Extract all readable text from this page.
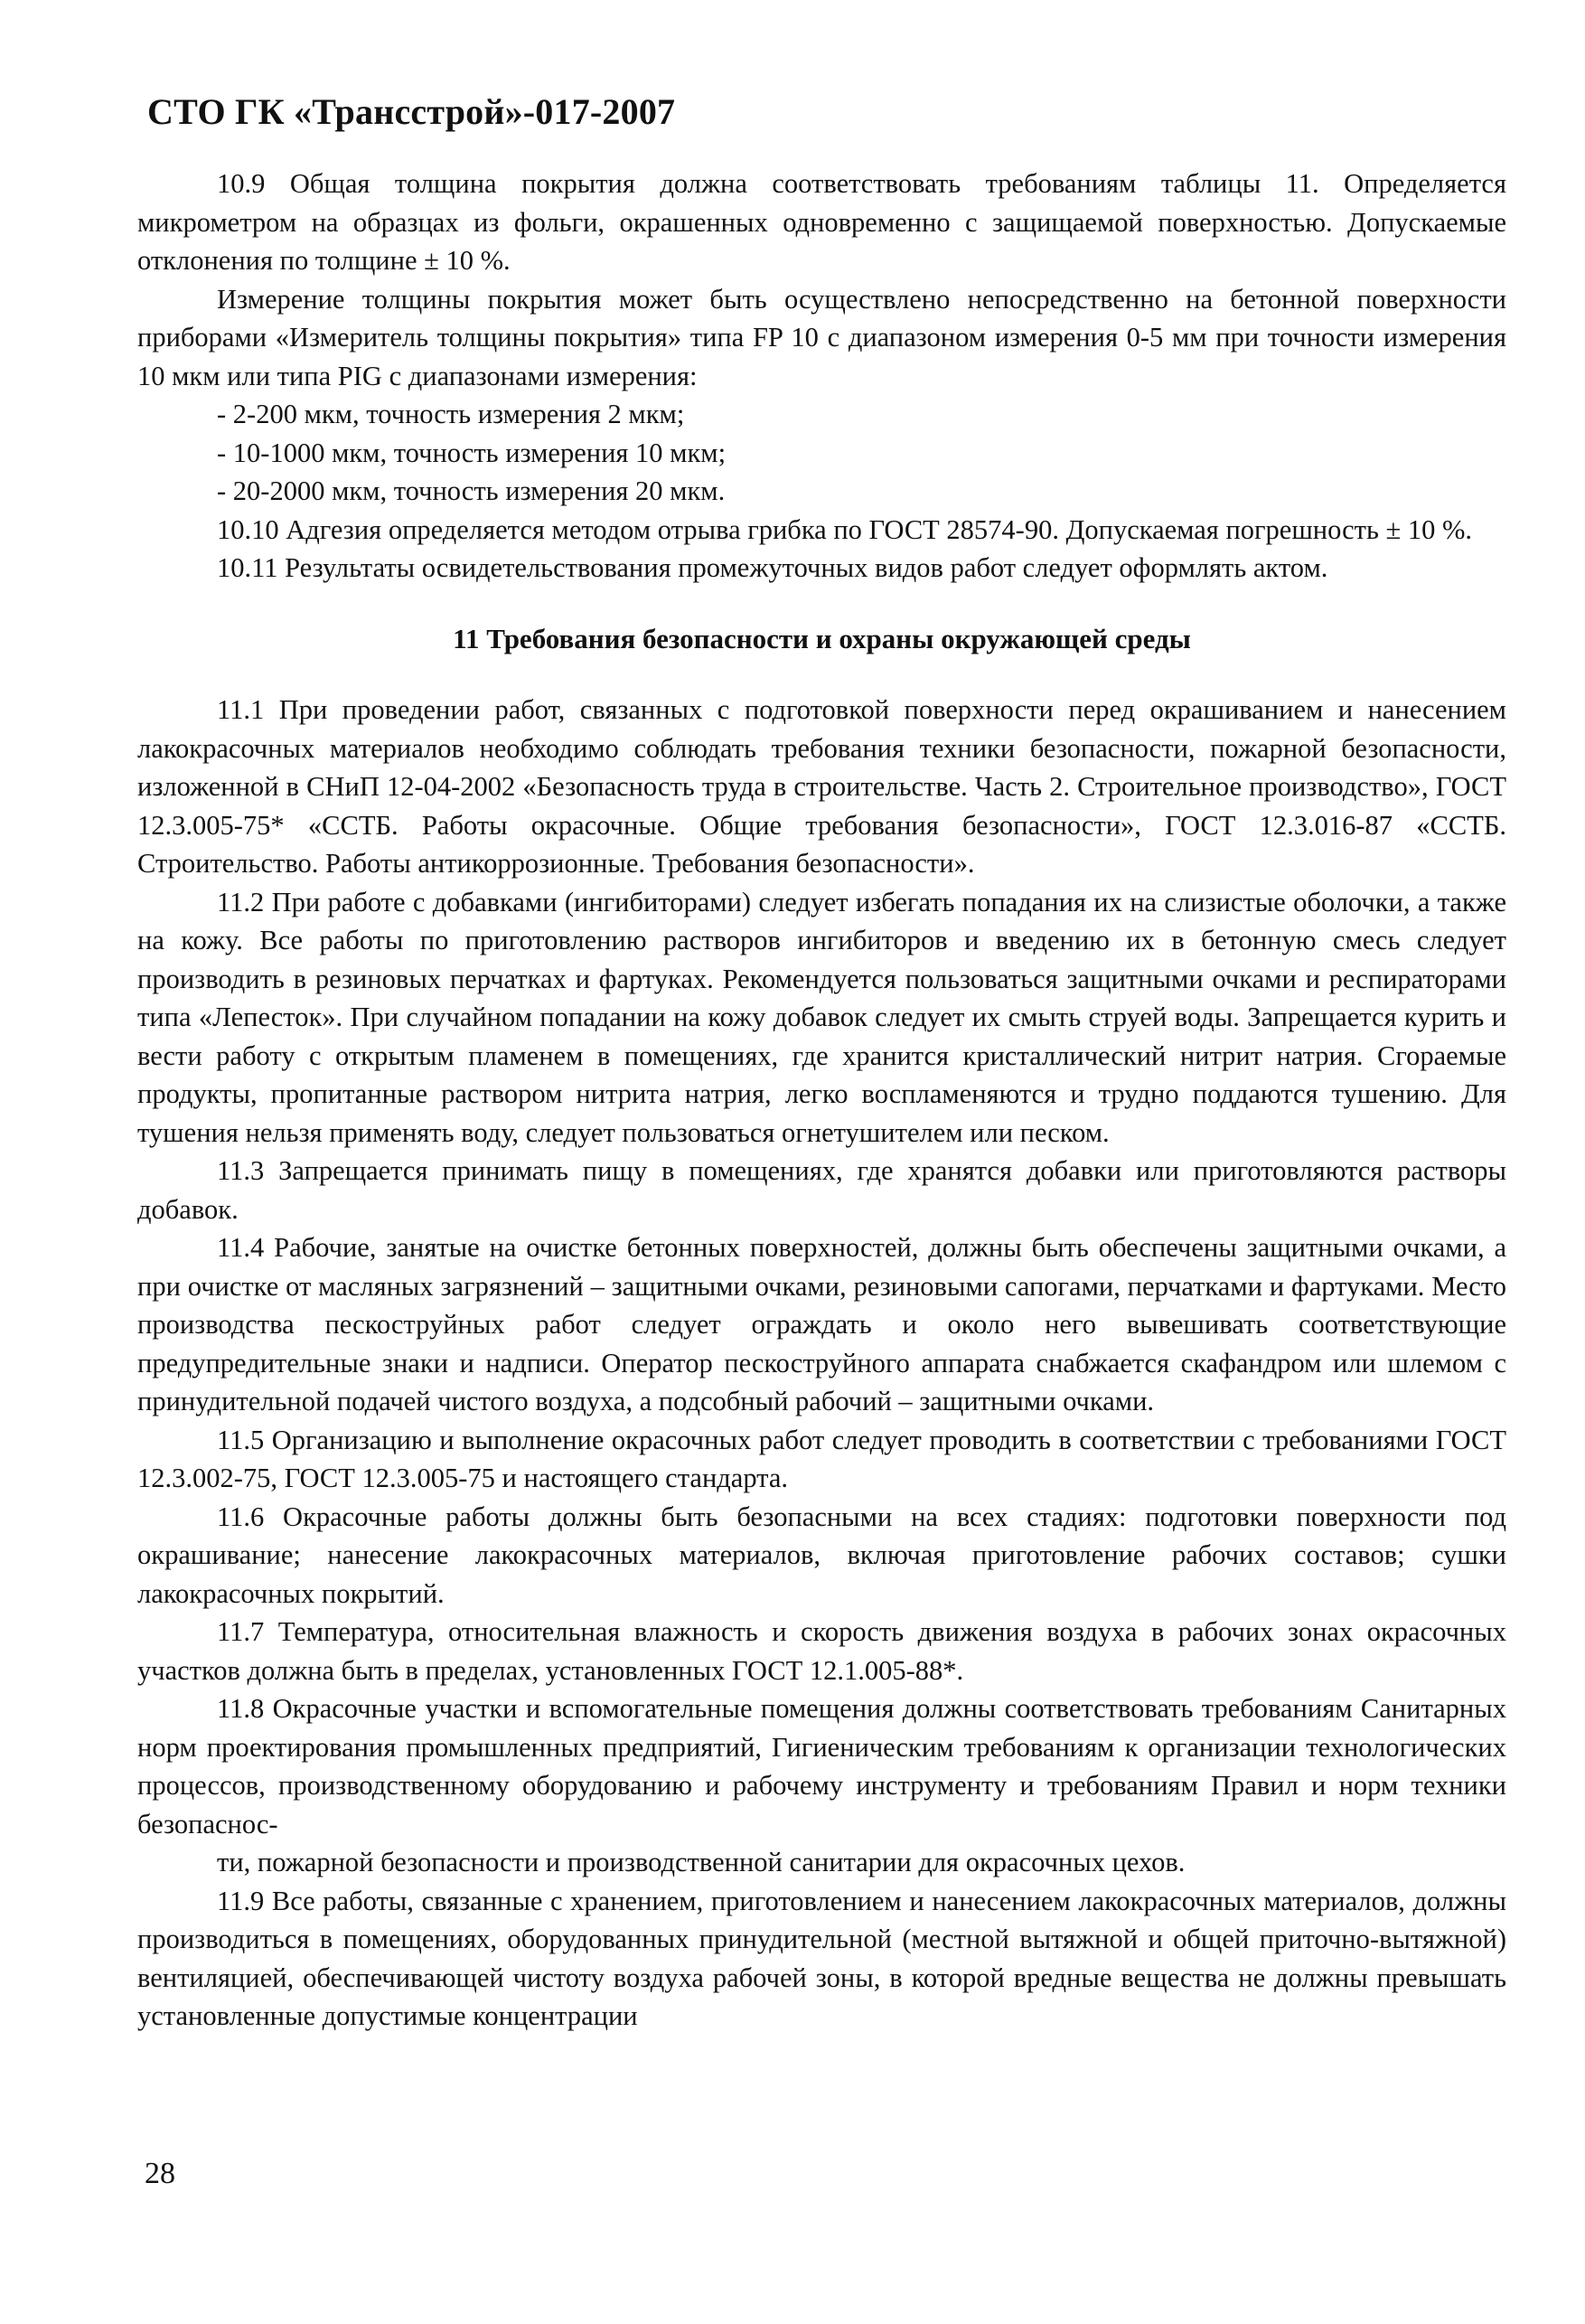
СТО ГК «Трансстрой»-017-2007

10.9 Общая толщина покрытия должна соответствовать требованиям таблицы 11. Определяется микрометром на образцах из фольги, окрашенных одновременно с защищаемой поверхностью. Допускаемые отклонения по толщине ± 10 %.

Измерение толщины покрытия может быть осуществлено непосредственно на бетонной поверхности приборами «Измеритель толщины покрытия» типа FP 10 с диапазоном измерения 0-5 мм при точности измерения 10 мкм или типа PIG с диапазонами измерения:

- 2-200 мкм, точность измерения 2 мкм;

- 10-1000 мкм, точность измерения 10 мкм;

- 20-2000 мкм, точность измерения 20 мкм.

10.10 Адгезия определяется методом отрыва грибка по ГОСТ 28574-90. Допускаемая погрешность ± 10 %.

10.11 Результаты освидетельствования промежуточных видов работ следует оформлять актом.

11 Требования безопасности и охраны окружающей среды

11.1 При проведении работ, связанных с подготовкой поверхности перед окрашиванием и нанесением лакокрасочных материалов необходимо соблюдать требования техники безопасности, пожарной безопасности, изложенной в СНиП 12-04-2002 «Безопасность труда в строительстве. Часть 2. Строительное производство», ГОСТ 12.3.005-75* «ССТБ. Работы окрасочные. Общие требования безопасности», ГОСТ 12.3.016-87 «ССТБ. Строительство. Работы антикоррозионные. Требования безопасности».

11.2 При работе с добавками (ингибиторами) следует избегать попадания их на слизистые оболочки, а также на кожу. Все работы по приготовлению растворов ингибиторов и введению их в бетонную смесь следует производить в резиновых перчатках и фартуках. Рекомендуется пользоваться защитными очками и респираторами типа «Лепесток». При случайном попадании на кожу добавок следует их смыть струей воды. Запрещается курить и вести работу с открытым пламенем в помещениях, где хранится кристаллический нитрит натрия. Сгораемые продукты, пропитанные раствором нитрита натрия, легко воспламеняются и трудно поддаются тушению. Для тушения нельзя применять воду, следует пользоваться огнетушителем или песком.

11.3 Запрещается принимать пищу в помещениях, где хранятся добавки или приготовляются растворы добавок.

11.4 Рабочие, занятые на очистке бетонных поверхностей, должны быть обеспечены защитными очками, а при очистке от масляных загрязнений – защитными очками, резиновыми сапогами, перчатками и фартуками. Место производства пескоструйных работ следует ограждать и около него вывешивать соответствующие предупредительные знаки и надписи. Оператор пескоструйного аппарата снабжается скафандром или шлемом с принудительной подачей чистого воздуха, а подсобный рабочий – защитными очками.

11.5 Организацию и выполнение окрасочных работ следует проводить в соответствии с требованиями ГОСТ 12.3.002-75, ГОСТ 12.3.005-75 и настоящего стандарта.

11.6 Окрасочные работы должны быть безопасными на всех стадиях: подготовки поверхности под окрашивание; нанесение лакокрасочных материалов, включая приготовление рабочих составов; сушки лакокрасочных покрытий.

11.7 Температура, относительная влажность и скорость движения воздуха в рабочих зонах окрасочных участков должна быть в пределах, установленных ГОСТ 12.1.005-88*.

11.8 Окрасочные участки и вспомогательные помещения должны соответствовать требованиям Санитарных норм проектирования промышленных предприятий, Гигиеническим требованиям к организации технологических процессов, производственному оборудованию и рабочему инструменту и требованиям Правил и норм техники безопаснос-

ти, пожарной безопасности и производственной санитарии для окрасочных цехов.

11.9 Все работы, связанные с хранением, приготовлением и нанесением лакокрасочных материалов, должны производиться в помещениях, оборудованных принудительной (местной вытяжной и общей приточно-вытяжной) вентиляцией, обеспечивающей чистоту воздуха рабочей зоны, в которой вредные вещества не должны превышать установленные допустимые концентрации

28
